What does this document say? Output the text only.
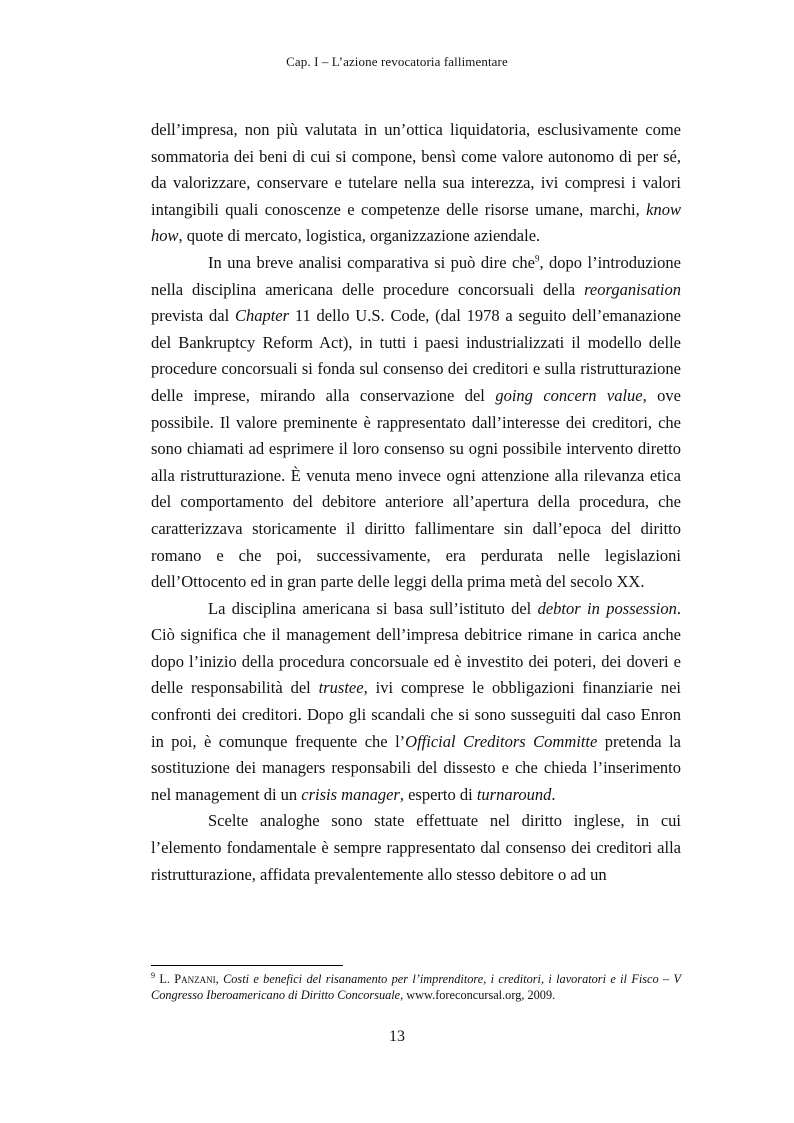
Cap. I – L’azione revocatoria fallimentare

dell’impresa, non più valutata in un’ottica liquidatoria, esclusivamente come sommatoria dei beni di cui si compone, bensì come valore autonomo di per sé, da valorizzare, conservare e tutelare nella sua interezza, ivi compresi i valori intangibili quali conoscenze e competenze delle risorse umane, marchi, know how, quote di mercato, logistica, organizzazione aziendale.

In una breve analisi comparativa si può dire che$^9$, dopo l’introduzione nella disciplina americana delle procedure concorsuali della reorganisation prevista dal Chapter 11 dello U.S. Code, (dal 1978 a seguito dell’emanazione del Bankruptcy Reform Act), in tutti i paesi industrializzati il modello delle procedure concorsuali si fonda sul consenso dei creditori e sulla ristrutturazione delle imprese, mirando alla conservazione del going concern value, ove possibile. Il valore preminente è rappresentato dall’interesse dei creditori, che sono chiamati ad esprimere il loro consenso su ogni possibile intervento diretto alla ristrutturazione. È venuta meno invece ogni attenzione alla rilevanza etica del comportamento del debitore anteriore all’apertura della procedura, che caratterizzava storicamente il diritto fallimentare sin dall’epoca del diritto romano e che poi, successivamente, era perdurata nelle legislazioni dell’Ottocento ed in gran parte delle leggi della prima metà del secolo XX.

La disciplina americana si basa sull’istituto del debtor in possession. Ciò significa che il management dell’impresa debitrice rimane in carica anche dopo l’inizio della procedura concorsuale ed è investito dei poteri, dei doveri e delle responsabilità del trustee, ivi comprese le obbligazioni finanziarie nei confronti dei creditori. Dopo gli scandali che si sono susseguiti dal caso Enron in poi, è comunque frequente che l’Official Creditors Committe pretenda la sostituzione dei managers responsabili del dissesto e che chieda l’inserimento nel management di un crisis manager, esperto di turnaround.

Scelte analoghe sono state effettuate nel diritto inglese, in cui l’elemento fondamentale è sempre rappresentato dal consenso dei creditori alla ristrutturazione, affidata prevalentemente allo stesso debitore o ad un

$^9$ L. Panzani, Costi e benefici del risanamento per l’imprenditore, i creditori, i lavoratori e il Fisco – V Congresso Iberoamericano di Diritto Concorsuale, www.foreconcursal.org, 2009.
13
